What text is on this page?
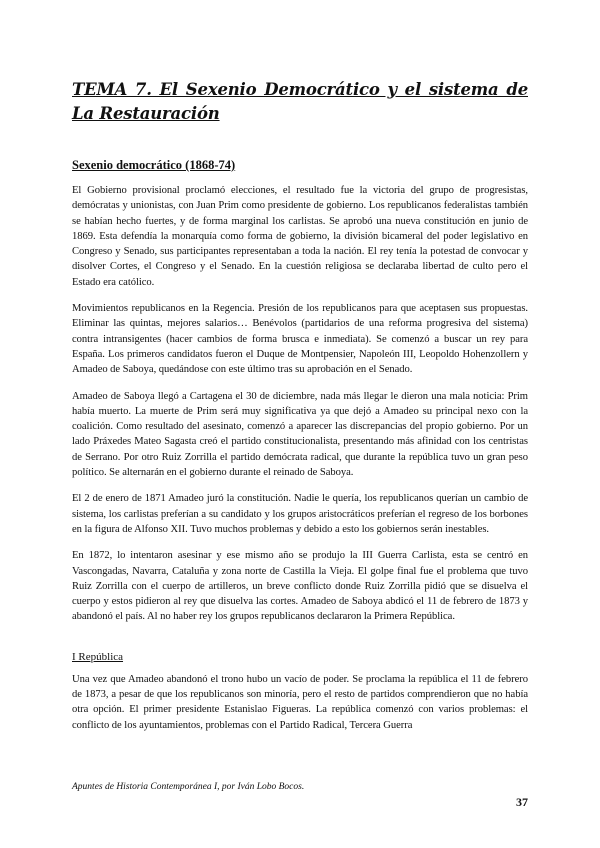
TEMA 7. El Sexenio Democrático y el sistema de La Restauración
Sexenio democrático (1868-74)

El Gobierno provisional proclamó elecciones, el resultado fue la victoria del grupo de progresistas, demócratas y unionistas, con Juan Prim como presidente de gobierno. Los republicanos federalistas también se habían hecho fuertes, y de forma marginal los carlistas. Se aprobó una nueva constitución en junio de 1869. Esta defendía la monarquía como forma de gobierno, la división bicameral del poder legislativo en Congreso y Senado, sus participantes representaban a toda la nación. El rey tenía la potestad de convocar y disolver Cortes, el Congreso y el Senado. En la cuestión religiosa se declaraba libertad de culto pero el Estado era católico.

Movimientos republicanos en la Regencia. Presión de los republicanos para que aceptasen sus propuestas. Eliminar las quintas, mejores salarios… Benévolos (partidarios de una reforma progresiva del sistema) contra intransigentes (hacer cambios de forma brusca e inmediata). Se comenzó a buscar un rey para España. Los primeros candidatos fueron el Duque de Montpensier, Napoleón III, Leopoldo Hohenzollern y Amadeo de Saboya, quedándose con este último tras su aprobación en el Senado.

Amadeo de Saboya llegó a Cartagena el 30 de diciembre, nada más llegar le dieron una mala noticia: Prim había muerto. La muerte de Prim será muy significativa ya que dejó a Amadeo su principal nexo con la coalición. Como resultado del asesinato, comenzó a aparecer las discrepancias del propio gobierno. Por un lado Práxedes Mateo Sagasta creó el partido constitucionalista, presentando más afinidad con los centristas de Serrano. Por otro Ruiz Zorrilla el partido demócrata radical, que durante la república tuvo un gran peso político. Se alternarán en el gobierno durante el reinado de Saboya.

El 2 de enero de 1871 Amadeo juró la constitución. Nadie le quería, los republicanos querían un cambio de sistema, los carlistas preferían a su candidato y los grupos aristocráticos preferían el regreso de los borbones en la figura de Alfonso XII. Tuvo muchos problemas y debido a esto los gobiernos serán inestables.

En 1872, lo intentaron asesinar y ese mismo año se produjo la III Guerra Carlista, esta se centró en Vascongadas, Navarra, Cataluña y zona norte de Castilla la Vieja. El golpe final fue el problema que tuvo Ruiz Zorrilla con el cuerpo de artilleros, un breve conflicto donde Ruiz Zorrilla pidió que se disuelva el cuerpo y estos pidieron al rey que disuelva las cortes. Amadeo de Saboya abdicó el 11 de febrero de 1873 y abandonó el país. Al no haber rey los grupos republicanos declararon la Primera República.

I República

Una vez que Amadeo abandonó el trono hubo un vacío de poder. Se proclama la república el 11 de febrero de 1873, a pesar de que los republicanos son minoría, pero el resto de partidos comprendieron que no había otra opción. El primer presidente Estanislao Figueras. La república comenzó con varios problemas: el conflicto de los ayuntamientos, problemas con el Partido Radical, Tercera Guerra

Apuntes de Historia Contemporánea I, por Iván Lobo Bocos.
37
